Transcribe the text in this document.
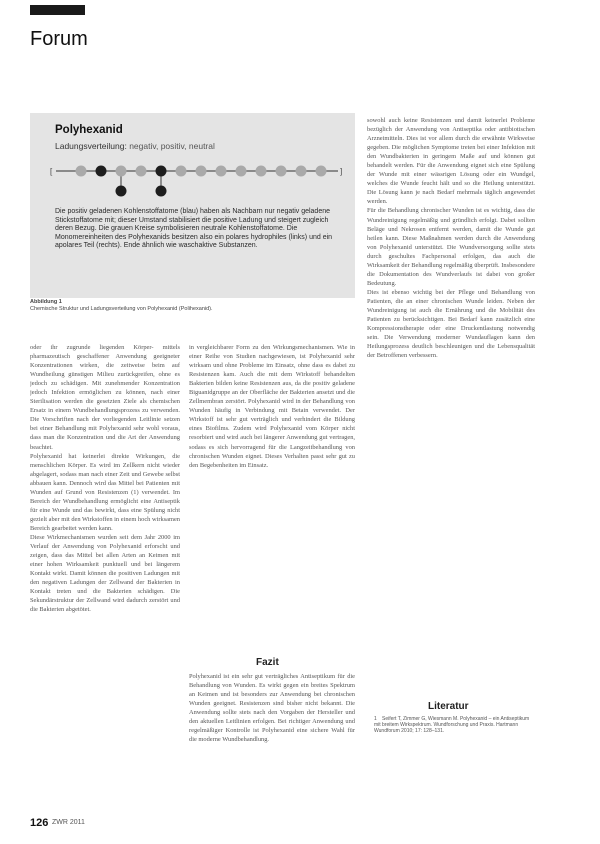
Forum
Polyhexanid
Ladungsverteilung: negativ, positiv, neutral
[	]
Die positiv geladenen Kohlenstoffatome (blau) haben als Nachbarn nur negativ geladene Stickstoffatome mit; dieser Umstand stabilisiert die positive Ladung und steigert zugleich deren Bezug. Die grauen Kreise symbolisieren neutrale Kohlenstoffatome. Die Monomereinheiten des Polyhexanids besitzen also ein polares hydrophiles (links) und ein apolares Teil (rechts). Ende ähnlich wie waschaktive Substanzen.
Abbildung 1
Chemische Struktur und Ladungsverteilung von Polyhexanid (Polihexanid).

oder ihr zugrunde liegenden Körper- mittels pharmazeutisch geschaffener Anwendung geeigneter Konzentrationen wirken, die zeitweise beim auf Wundheilung günstigen Milieu zurückgreifen, ohne es jedoch zu schädigen. Mit zunehmender Konzentration jedoch Infektion ermöglichen zu können, nach einer Sterilisation werden die gesetzten Ziele als chemischen Ersatz in einem Wundbehandlungsprozess zu verwenden. Die Vorschriften nach der vorliegenden Leitlinie setzen bei einer Behandlung mit Polyhexanid sehr wohl voraus, dass man die Konzentration und die Art der Anwendung beachtet.

Polyhexanid hat keinerlei direkte Wirkungen, die menschlichen Körper. Es wird im Zellkern nicht wieder abgelagert, sodass man nach einer Zeit und Gewebe selbst abbauen kann. Dennoch wird das Mittel bei Patienten mit Wunden auf Grund von Resistenzen (1) verwendet. Im Bereich der Wundbehandlung ermöglicht eine Antiseptik für eine Wunde und das bewirkt, dass eine Spülung nicht gezielt aber mit den Wirkstoffen in einem hoch wirksamen Bereich gearbeitet werden kann.

Diese Wirkmechanismen wurden seit dem Jahr 2000 im Verlauf der Anwendung von Polyhexanid erforscht und zeigen, dass das Mittel bei allen Arten an Keimen mit einer hohen Wirksamkeit punktuell und bei längerem Kontakt wirkt. Damit können die positiven Ladungen mit den negativen Ladungen der Zellwand der Bakterien in Kontakt treten und die Bakterien schädigen. Die Sekundärstruktur der Zellwand wird dadurch zerstört und die Bakterien abgetötet.

in vergleichbarer Form zu den Wirkungsmechanismen. Wie in einer Reihe von Studien nachgewiesen, ist Polyhexanid sehr wirksam und ohne Probleme im Einsatz, ohne dass es dabei zu Resistenzen kam. Auch die mit dem Wirkstoff behandelten Bakterien bilden keine Resistenzen aus, da die positiv geladene Biguanidgruppe an der Oberfläche der Bakterien ansetzt und die Zellmembran zerstört. Polyhexanid wird in der Behandlung von Wunden häufig in Verbindung mit Betain verwendet. Der Wirkstoff ist sehr gut verträglich und verhindert die Bildung eines Biofilms. Zudem wird Polyhexanid vom Körper nicht resorbiert und wird auch bei längerer Anwendung gut vertragen, sodass es sich hervorragend für die Langzeitbehandlung von chronischen Wunden eignet. Dieses Verhalten passt sehr gut zu den Begebenheiten im Einsatz.

Fazit

Polyhexanid ist ein sehr gut verträgliches Antiseptikum für die Behandlung von Wunden. Es wirkt gegen ein breites Spektrum an Keimen und ist besonders zur Anwendung bei chronischen Wunden geeignet. Resistenzen sind bisher nicht bekannt. Die Anwendung sollte stets nach den Vorgaben der Hersteller und den aktuellen Leitlinien erfolgen. Bei richtiger Anwendung und regelmäßiger Kontrolle ist Polyhexanid eine sichere Wahl für die moderne Wundbehandlung.

sowohl auch keine Resistenzen und damit keinerlei Probleme bezüglich der Anwendung von Antiseptika oder antibiotischen Arzneimitteln. Dies ist vor allem durch die erwähnte Wirkweise gegeben. Die möglichen Symptome treten bei einer Infektion mit den Wundbakterien in geringem Maße auf und können gut behandelt werden. Für die Anwendung eignet sich eine Spülung der Wunde mit einer wässrigen Lösung oder ein Wundgel, welches die Wunde feucht hält und so die Heilung unterstützt. Die Lösung kann je nach Bedarf mehrmals täglich angewendet werden.

Für die Behandlung chronischer Wunden ist es wichtig, dass die Wundreinigung regelmäßig und gründlich erfolgt. Dabei sollten Beläge und Nekrosen entfernt werden, damit die Wunde gut heilen kann. Diese Maßnahmen werden durch die Anwendung von Polyhexanid unterstützt. Die Wundversorgung sollte stets durch geschultes Fachpersonal erfolgen, das auch die Wirksamkeit der Behandlung regelmäßig überprüft. Insbesondere die Dokumentation des Wundverlaufs ist dabei von großer Bedeutung.

Dies ist ebenso wichtig bei der Pflege und Behandlung von Patienten, die an einer chronischen Wunde leiden. Neben der Wundreinigung ist auch die Ernährung und die Mobilität des Patienten zu berücksichtigen. Bei Bedarf kann zusätzlich eine Kompressionstherapie oder eine Druckentlastung notwendig sein. Die Verwendung moderner Wundauflagen kann den Heilungsprozess deutlich beschleunigen und die Lebensqualität der Betroffenen verbessern.

Literatur
1	Seifert T, Zimmer G, Wiesmann M. Polyhexanid – ein Antiseptikum mit breitem Wirkspektrum. Wundforschung und Praxis. Hartmann Wundforum 2010; 17: 128–131.
126 ZWR 2011
